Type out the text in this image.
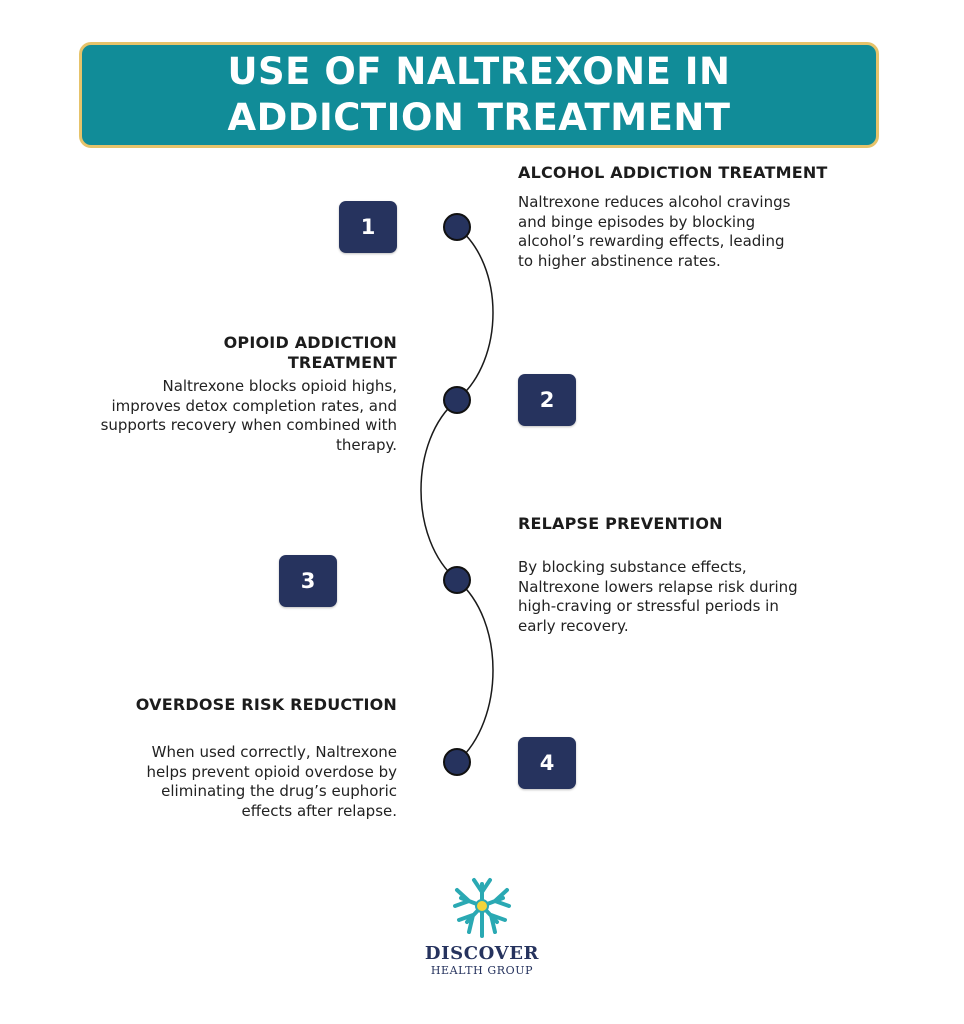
USE OF NALTREXONE IN ADDICTION TREATMENT
1
ALCOHOL ADDICTION TREATMENT

Naltrexone reduces alcohol cravings and binge episodes by blocking alcohol’s rewarding effects, leading to higher abstinence rates.

2
OPIOID ADDICTION TREATMENT

Naltrexone blocks opioid highs, improves detox completion rates, and supports recovery when combined with therapy.

3
RELAPSE PREVENTION

By blocking substance effects, Naltrexone lowers relapse risk during high-craving or stressful periods in early recovery.

4
OVERDOSE RISK REDUCTION

When used correctly, Naltrexone helps prevent opioid overdose by eliminating the drug’s euphoric effects after relapse.

DISCOVER
HEALTH GROUP
